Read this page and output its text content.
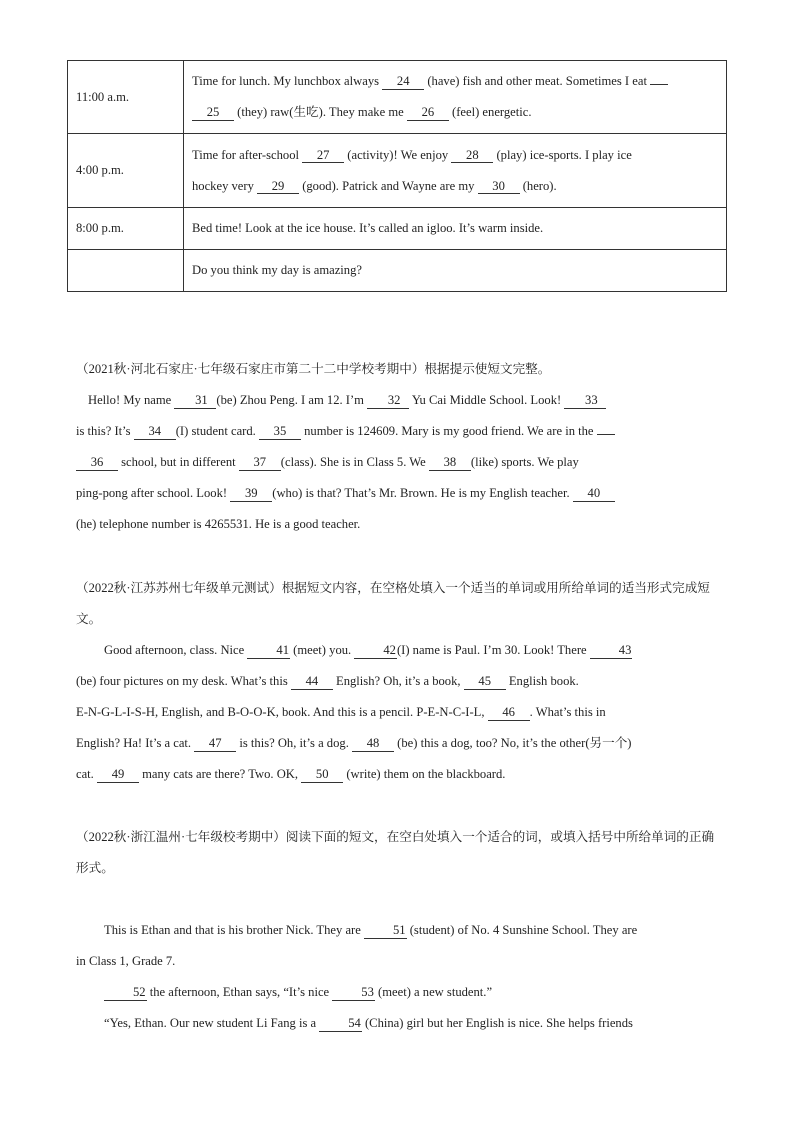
11:00 a.m.	Time for lunch. My lunchbox always 24 (have) fish and other meat. Sometimes I eat
25 (they) raw(生吃). They make me 26 (feel) energetic.

4:00 p.m.	Time for after-school 27 (activity)! We enjoy 28 (play) ice-sports. I play ice
hockey very 29 (good). Patrick and Wayne are my 30 (hero).

8:00 p.m.	Bed time! Look at the ice house. It’s called an igloo. It’s warm inside.

	Do you think my day is amazing?
（2021秋·河北石家庄·七年级石家庄市第二十二中学校考期中）根据提示使短文完整。
Hello! My name 31 (be) Zhou Peng. I am 12. I’m 32 Yu Cai Middle School. Look! 33
is this? It’s 34 (I) student card. 35 number is 124609. Mary is my good friend. We are in the
36 school, but in different 37 (class). She is in Class 5. We 38 (like) sports. We play
ping-pong after school. Look! 39 (who) is that? That’s Mr. Brown. He is my English teacher. 40
(he) telephone number is 4265531. He is a good teacher.
（2022秋·江苏苏州七年级单元测试）根据短文内容，在空格处填入一个适当的单词或用所给单词的适当形式完成短文。
Good afternoon, class. Nice 41 (meet) you. 42(I) name is Paul. I’m 30. Look! There 43
(be) four pictures on my desk. What’s this 44 English? Oh, it’s a book, 45 English book.
E-N-G-L-I-S-H, English, and B-O-O-K, book. And this is a pencil. P-E-N-C-I-L, 46 . What’s this in
English? Ha! It’s a cat. 47 is this? Oh, it’s a dog. 48 (be) this a dog, too? No, it’s the other(另一个)
cat. 49 many cats are there? Two. OK, 50 (write) them on the blackboard.
（2022秋·浙江温州·七年级校考期中）阅读下面的短文，在空白处填入一个适合的词，或填入括号中所给单词的正确形式。
This is Ethan and that is his brother Nick. They are 51 (student) of No. 4 Sunshine School. They are
in Class 1, Grade 7.
52 the afternoon, Ethan says, “It’s nice 53 (meet) a new student.”
“Yes, Ethan. Our new student Li Fang is a 54 (China) girl but her English is nice. She helps friends
